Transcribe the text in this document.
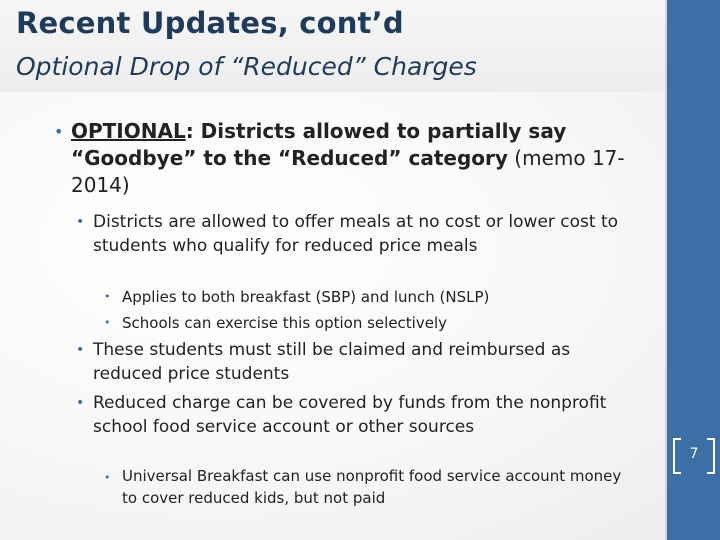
Recent Updates, cont’d
Optional Drop of “Reduced” Charges
7
• OPTIONAL: Districts allowed to partially say “Goodbye” to the “Reduced” category (memo 17-2014)
• Districts are allowed to offer meals at no cost or lower cost to students who qualify for reduced price meals
• Applies to both breakfast (SBP) and lunch (NSLP)
• Schools can exercise this option selectively
• These students must still be claimed and reimbursed as reduced price students
• Reduced charge can be covered by funds from the nonprofit school food service account or other sources
• Universal Breakfast can use nonprofit food service account money to cover reduced kids, but not paid
